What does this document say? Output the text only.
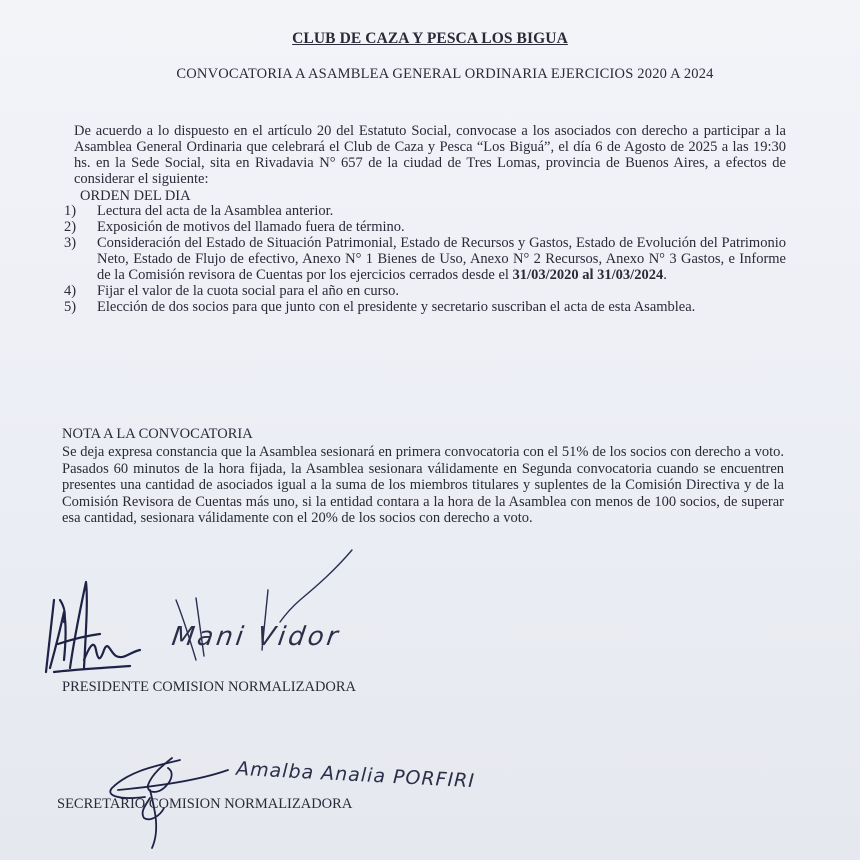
CLUB DE CAZA Y PESCA LOS BIGUA
CONVOCATORIA A ASAMBLEA GENERAL ORDINARIA EJERCICIOS 2020 A 2024
De acuerdo a lo dispuesto en el artículo 20 del Estatuto Social, convocase a los asociados con derecho a participar a la Asamblea General Ordinaria que celebrará el Club de Caza y Pesca “Los Biguá”, el día 6 de Agosto de 2025 a las 19:30 hs. en la Sede Social, sita en Rivadavia N° 657 de la ciudad de Tres Lomas, provincia de Buenos Aires, a efectos de considerar el siguiente:
ORDEN DEL DIA

1) Lectura del acta de la Asamblea anterior.

2) Exposición de motivos del llamado fuera de término.

3) Consideración del Estado de Situación Patrimonial, Estado de Recursos y Gastos, Estado de Evolución del Patrimonio Neto, Estado de Flujo de efectivo, Anexo N° 1 Bienes de Uso, Anexo N° 2 Recursos, Anexo N° 3 Gastos, e Informe de la Comisión revisora de Cuentas por los ejercicios cerrados desde el 31/03/2020 al 31/03/2024.

4) Fijar el valor de la cuota social para el año en curso.

5) Elección de dos socios para que junto con el presidente y secretario suscriban el acta de esta Asamblea.

NOTA A LA CONVOCATORIA
Se deja expresa constancia que la Asamblea sesionará en primera convocatoria con el 51% de los socios con derecho a voto. Pasados 60 minutos de la hora fijada, la Asamblea sesionara válidamente en Segunda convocatoria cuando se encuentren presentes una cantidad de asociados igual a la suma de los miembros titulares y suplentes de la Comisión Directiva y de la Comisión Revisora de Cuentas más uno, si la entidad contara a la hora de la Asamblea con menos de 100 socios, de superar esa cantidad, sesionara válidamente con el 20% de los socios con derecho a voto.
Mani Vidor
PRESIDENTE COMISION NORMALIZADORA
Amalba Analia PORFIRI
SECRETARIO COMISION NORMALIZADORA
